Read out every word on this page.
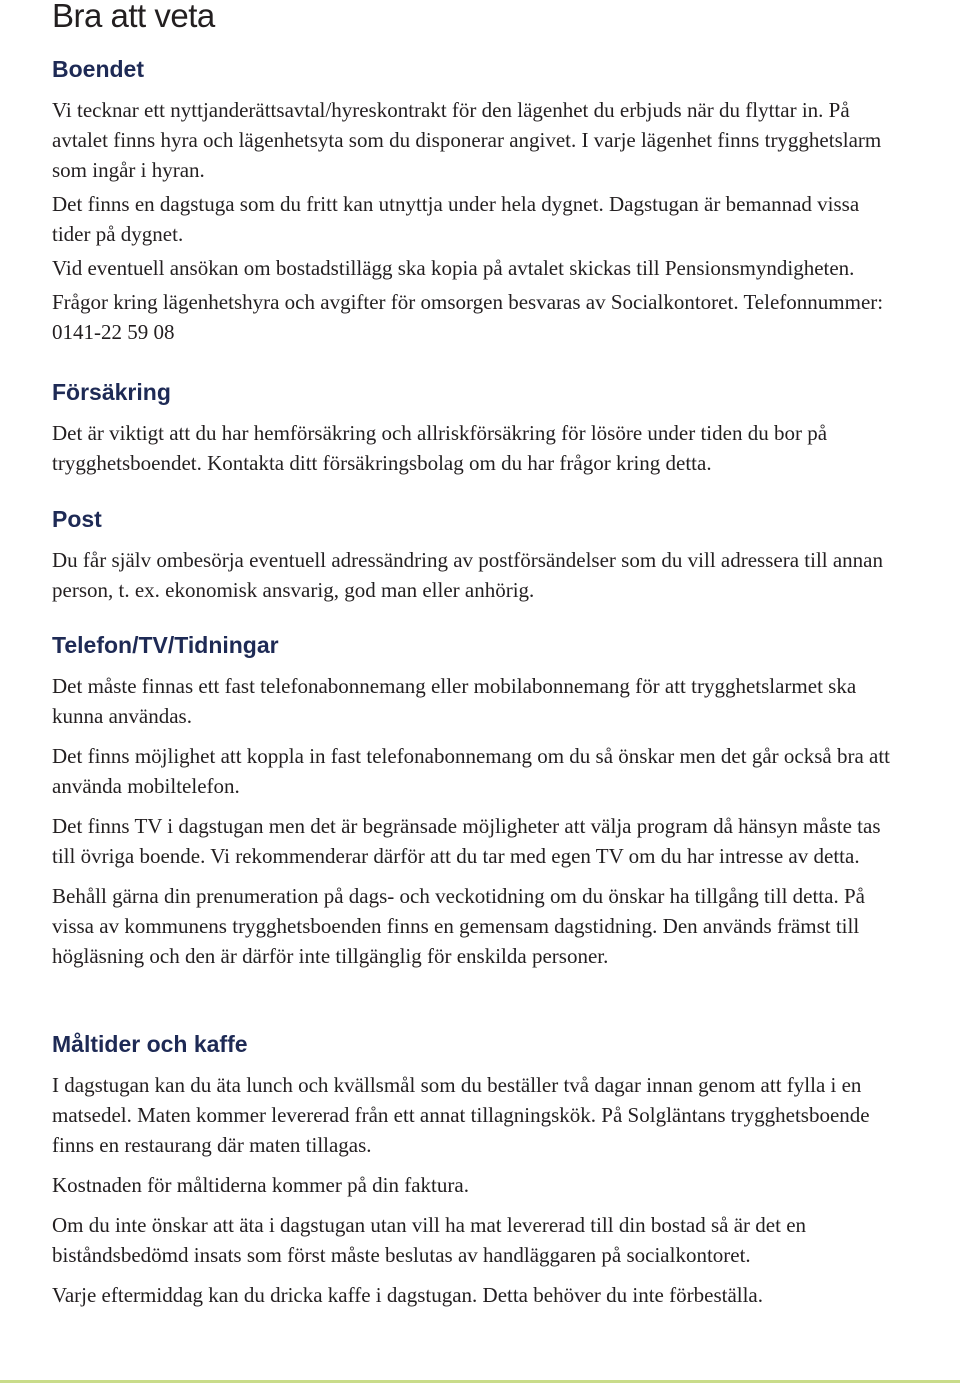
Bra att veta
Boendet

Vi tecknar ett nyttjanderättsavtal/hyreskontrakt för den lägenhet du erbjuds när du flyttar in. På avtalet finns hyra och lägenhetsyta som du disponerar angivet. I varje lägenhet finns trygghetslarm som ingår i hyran.

Det finns en dagstuga som du fritt kan utnyttja under hela dygnet. Dagstugan är bemannad vissa tider på dygnet.

Vid eventuell ansökan om bostadstillägg ska kopia på avtalet skickas till Pensionsmyndigheten.

Frågor kring lägenhetshyra och avgifter för omsorgen besvaras av Socialkontoret. Telefonnummer: 0141-22 59 08

Försäkring

Det är viktigt att du har hemförsäkring och allriskförsäkring för lösöre under tiden du bor på trygghetsboendet. Kontakta ditt försäkringsbolag om du har frågor kring detta.

Post

Du får själv ombesörja eventuell adressändring av postförsändelser som du vill adressera till annan person, t. ex. ekonomisk ansvarig, god man eller anhörig.

Telefon/TV/Tidningar

Det måste finnas ett fast telefonabonnemang eller mobilabonnemang för att trygghetslarmet ska kunna användas.

Det finns möjlighet att koppla in fast telefonabonnemang om du så önskar men det går också bra att använda mobiltelefon.

Det finns TV i dagstugan men det är begränsade möjligheter att välja program då hänsyn måste tas till övriga boende. Vi rekommenderar därför att du tar med egen TV om du har intresse av detta.

Behåll gärna din prenumeration på dags- och veckotidning om du önskar ha tillgång till detta. På vissa av kommunens trygghetsboenden finns en gemensam dagstidning. Den används främst till högläsning och den är därför inte tillgänglig för enskilda personer.

Måltider och kaffe

I dagstugan kan du äta lunch och kvällsmål som du beställer två dagar innan genom att fylla i en matsedel. Maten kommer levererad från ett annat tillagningskök. På Solgläntans trygghetsboende finns en restaurang där maten tillagas.

Kostnaden för måltiderna kommer på din faktura.

Om du inte önskar att äta i dagstugan utan vill ha mat levererad till din bostad så är det en biståndsbedömd insats som först måste beslutas av handläggaren på socialkontoret.

Varje eftermiddag kan du dricka kaffe i dagstugan. Detta behöver du inte förbeställa.
